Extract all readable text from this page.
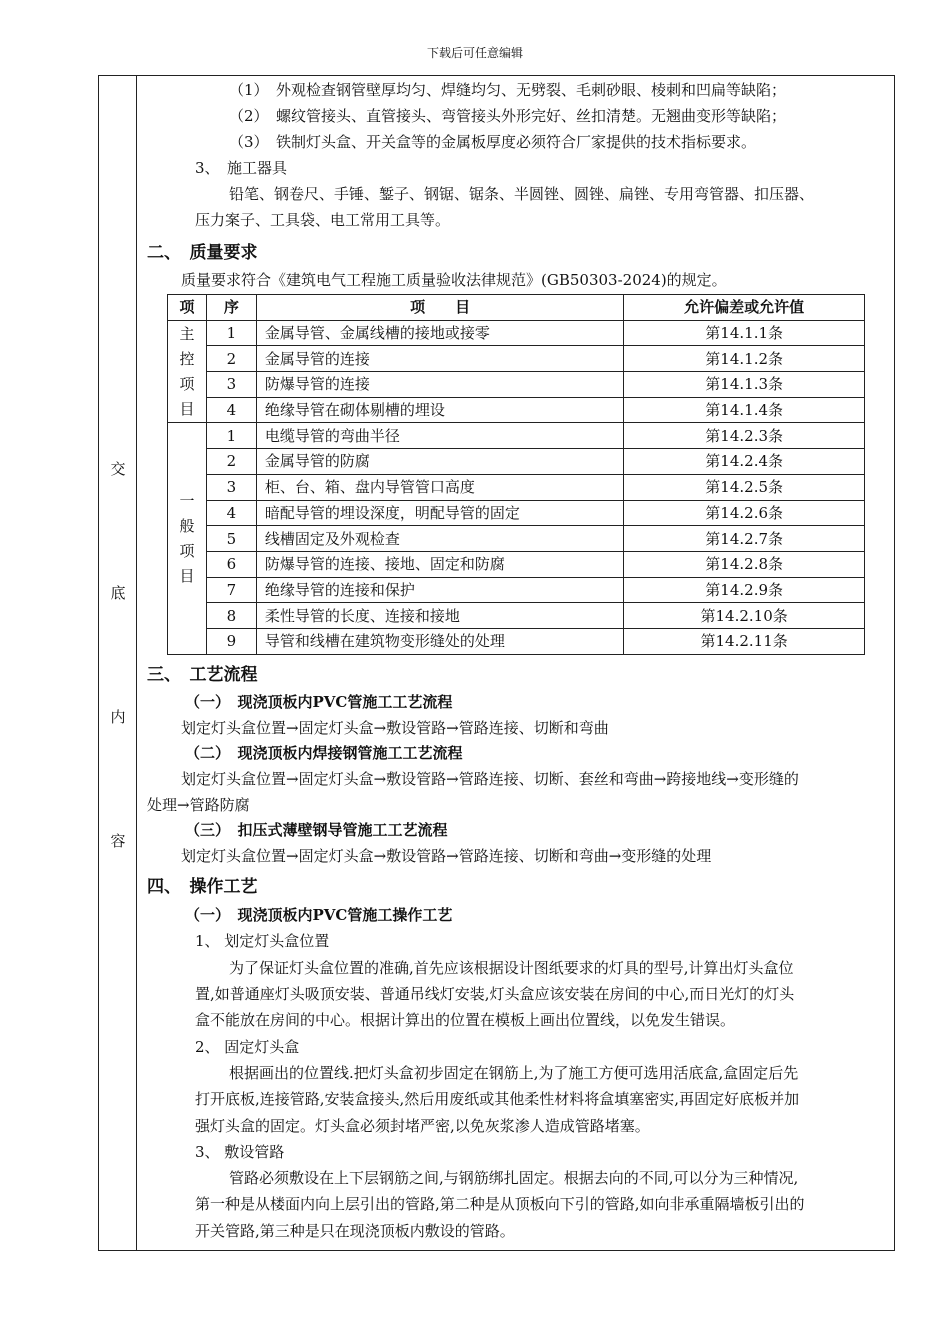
下载后可任意编辑
交
底
内
容
（1）　外观检查钢管壁厚均匀、焊缝均匀、无劈裂、毛刺砂眼、棱刺和凹扁等缺陷；
（2）　螺纹管接头、直管接头、弯管接头外形完好、丝扣清楚。无翘曲变形等缺陷；
（3）　铁制灯头盒、开关盒等的金属板厚度必须符合厂家提供的技术指标要求。
3、　施工器具
铅笔、钢卷尺、手锤、錾子、钢锯、锯条、半圆锉、圆锉、扁锉、专用弯管器、扣压器、
压力案子、工具袋、电工常用工具等。
二、　质量要求
质量要求符合《建筑电气工程施工质量验收法律规范》(GB50303-2024)的规定。
项	序	项　　目	允许偏差或允许值

主
控
项
目	1	金属导管、金属线槽的接地或接零	第14.1.1条
	2	金属导管的连接	第14.1.2条
	3	防爆导管的连接	第14.1.3条
	4	绝缘导管在砌体剔槽的埋设	第14.1.4条

一
般
项
目	1	电缆导管的弯曲半径	第14.2.3条
	2	金属导管的防腐	第14.2.4条
	3	柜、台、箱、盘内导管管口高度	第14.2.5条
	4	暗配导管的埋设深度，明配导管的固定	第14.2.6条
	5	线槽固定及外观检查	第14.2.7条
	6	防爆导管的连接、接地、固定和防腐	第14.2.8条
	7	绝缘导管的连接和保护	第14.2.9条
	8	柔性导管的长度、连接和接地	第14.2.10条
	9	导管和线槽在建筑物变形缝处的处理	第14.2.11条
三、　工艺流程
（一）　现浇顶板内PVC管施工工艺流程
划定灯头盒位置→固定灯头盒→敷设管路→管路连接、切断和弯曲
（二）　现浇顶板内焊接钢管施工工艺流程
划定灯头盒位置→固定灯头盒→敷设管路→管路连接、切断、套丝和弯曲→跨接地线→变形缝的
处理→管路防腐
（三）　扣压式薄壁钢导管施工工艺流程
划定灯头盒位置→固定灯头盒→敷设管路→管路连接、切断和弯曲→变形缝的处理
四、　操作工艺
（一）　现浇顶板内PVC管施工操作工艺
1、 划定灯头盒位置
为了保证灯头盒位置的准确,首先应该根据设计图纸要求的灯具的型号,计算出灯头盒位
置,如普通座灯头吸顶安装、普通吊线灯安装,灯头盒应该安装在房间的中心,而日光灯的灯头
盒不能放在房间的中心。根据计算出的位置在模板上画出位置线，以免发生错误。
2、 固定灯头盒
根据画出的位置线.把灯头盒初步固定在钢筋上,为了施工方便可选用活底盒,盒固定后先
打开底板,连接管路,安装盒接头,然后用废纸或其他柔性材料将盒填塞密实,再固定好底板并加
强灯头盒的固定。灯头盒必须封堵严密,以免灰浆渗人造成管路堵塞。
3、 敷设管路
管路必须敷设在上下层钢筋之间,与钢筋绑扎固定。根据去向的不同,可以分为三种情况,
第一种是从楼面内向上层引出的管路,第二种是从顶板向下引的管路,如向非承重隔墙板引出的
开关管路,第三种是只在现浇顶板内敷设的管路。
